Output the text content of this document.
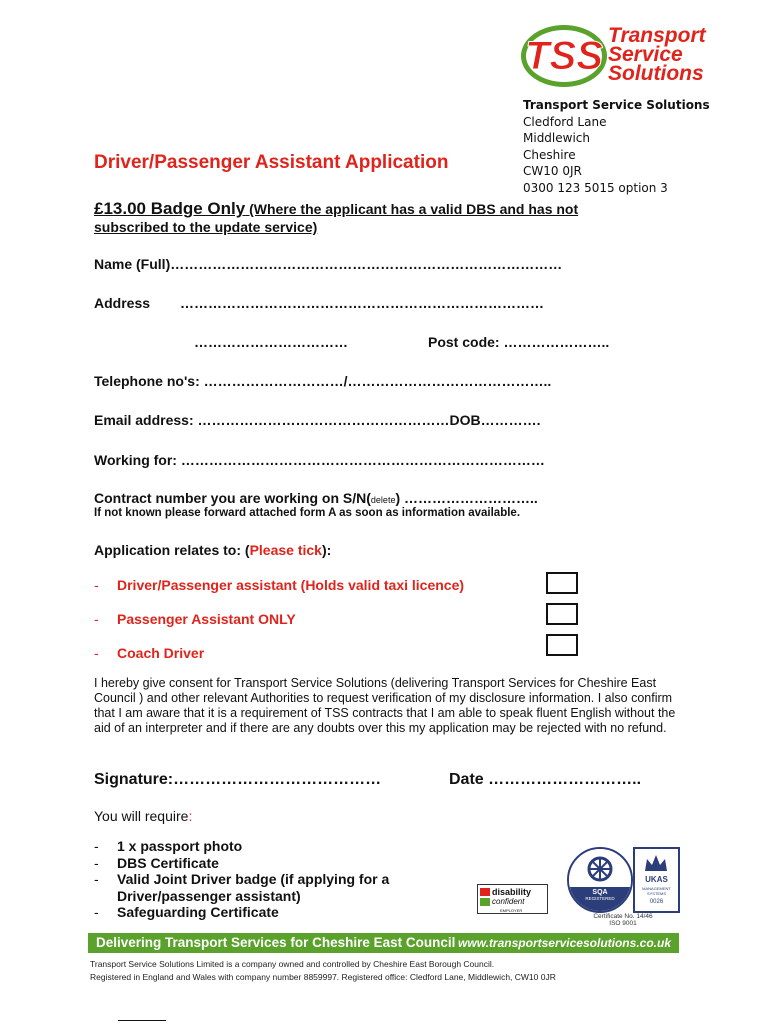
TSS Transport
Service
Solutions
Transport Service Solutions
Cledford Lane
Middlewich
Cheshire
CW10 0JR
0300 123 5015 option 3
Driver/Passenger Assistant Application
£13.00 Badge Only (Where the applicant has a valid DBS and has not subscribed to the update service)
Name (Full)…………………………………………………………………………
Address ……………………………………………………………………
……………………………	Post code: …………………..
Telephone no's: …………………………/……………………………………..
Email address: ………………………………………………DOB………….
Working for: ……………………………………………………………………
Contract number you are working on S/N(delete) ………………………..
If not known please forward attached form A as soon as information available.
Application relates to: (Please tick):
- Driver/Passenger assistant (Holds valid taxi licence)
- Passenger Assistant ONLY
- Coach Driver
I hereby give consent for Transport Service Solutions (delivering Transport Services for Cheshire East Council ) and other relevant Authorities to request verification of my disclosure information. I also confirm that I am aware that it is a requirement of TSS contracts that I am able to speak fluent English without the aid of an interpreter and if there are any doubts over this my application may be rejected with no refund.
Signature:…………………………………	Date ………………………..
You will require:
-	1 x passport photo
-	DBS Certificate
-	Valid Joint Driver badge (if applying for a Driver/passenger assistant)
-	Safeguarding Certificate
disability
confident
EMPLOYER
SQA
REGISTERED
UKAS
MANAGEMENT SYSTEMS
0026
Certificate No. 14/46
ISO 9001
Delivering Transport Services for Cheshire East Council www.transportservicesolutions.co.uk
Transport Service Solutions Limited is a company owned and controlled by Cheshire East Borough Council.
Registered in England and Wales with company number 8859997. Registered office: Cledford Lane, Middlewich, CW10 0JR
